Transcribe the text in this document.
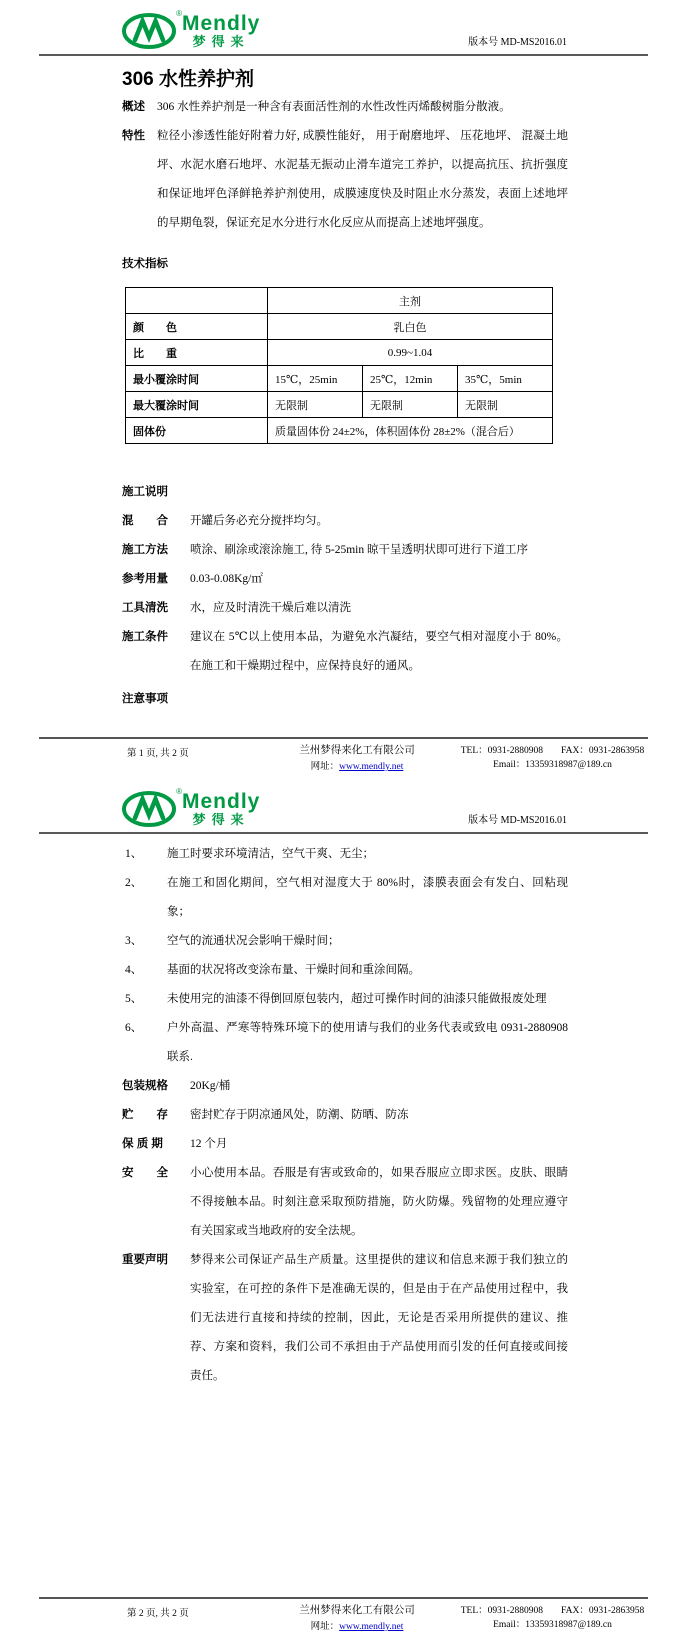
® Mendly
梦得来	版本号 MD-MS2016.01
306 水性养护剂
概述	306 水性养护剂是一种含有表面活性剂的水性改性丙烯酸树脂分散液。
特性	粒径小渗透性能好附着力好, 成膜性能好， 用于耐磨地坪、 压花地坪、 混凝土地坪、水泥水磨石地坪、水泥基无振动止滑车道完工养护，以提高抗压、抗折强度和保证地坪色泽鲜艳养护剂使用，成膜速度快及时阻止水分蒸发，表面上述地坪的早期龟裂，保证充足水分进行水化反应从而提高上述地坪强度。
技术指标
	主剂		
颜　　色	乳白色		
比　　重	0.99~1.04		
最小覆涂时间	15℃，25min	25℃，12min	35℃，5min
最大覆涂时间	无限制	无限制	无限制
固体份	质量固体份 24±2%，体积固体份 28±2%（混合后）		
施工说明
混　　合	开罐后务必充分搅拌均匀。
施工方法	喷涂、刷涂或滚涂施工, 待 5-25min 晾干呈透明状即可进行下道工序
参考用量	0.03-0.08Kg/㎡
工具清洗	水，应及时清洗干燥后难以清洗
施工条件	建议在 5℃以上使用本品，为避免水汽凝结，要空气相对湿度小于 80%。在施工和干燥期过程中，应保持良好的通风。
注意事项
第 1 页, 共 2 页	兰州梦得来化工有限公司
网址：www.mendly.net
TEL：0931-2880908 FAX：0931-2863958
Email：13359318987@189.cn
® Mendly
梦得来	版本号 MD-MS2016.01
1、	施工时要求环境清洁，空气干爽、无尘；
2、	在施工和固化期间，空气相对湿度大于 80%时，漆膜表面会有发白、回粘现象；
3、	空气的流通状况会影响干燥时间；
4、	基面的状况将改变涂布量、干燥时间和重涂间隔。
5、	未使用完的油漆不得倒回原包装内，超过可操作时间的油漆只能做报废处理
6、	户外高温、严寒等特殊环境下的使用请与我们的业务代表或致电 0931-2880908 联系.
包装规格	20Kg/桶
贮　　存	密封贮存于阴凉通风处，防潮、防晒、防冻
保 质 期	12 个月
安　　全	小心使用本品。吞服是有害或致命的，如果吞服应立即求医。皮肤、眼睛不得接触本品。时刻注意采取预防措施，防火防爆。残留物的处理应遵守有关国家或当地政府的安全法规。
重要声明	梦得来公司保证产品生产质量。这里提供的建议和信息来源于我们独立的实验室，在可控的条件下是准确无误的，但是由于在产品使用过程中，我们无法进行直接和持续的控制，因此，无论是否采用所提供的建议、推荐、方案和资料，我们公司不承担由于产品使用而引发的任何直接或间接责任。
第 2 页, 共 2 页	兰州梦得来化工有限公司
网址：www.mendly.net
TEL：0931-2880908 FAX：0931-2863958
Email：13359318987@189.cn
